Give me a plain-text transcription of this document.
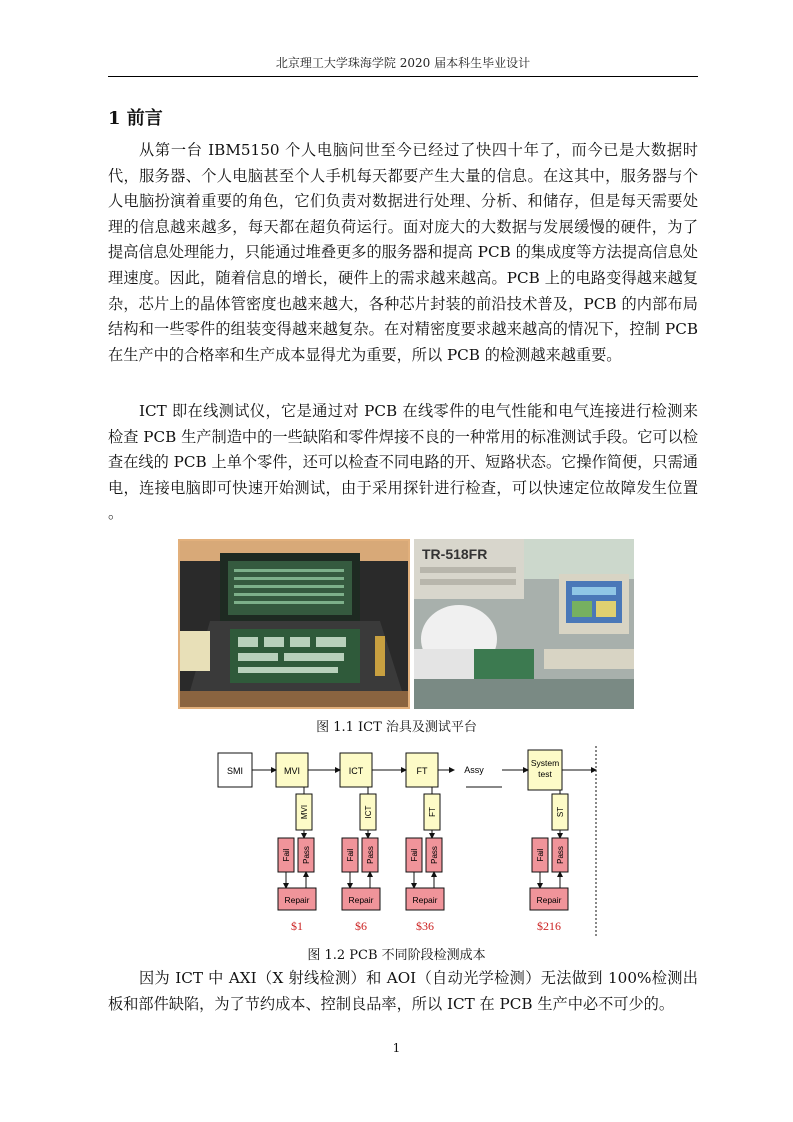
北京理工大学珠海学院 2020 届本科生毕业设计
1 前言

从第一台 IBM5150 个人电脑问世至今已经过了快四十年了，而今已是大数据时代，服务器、个人电脑甚至个人手机每天都要产生大量的信息。在这其中，服务器与个人电脑扮演着重要的角色，它们负责对数据进行处理、分析、和储存，但是每天需要处理的信息越来越多，每天都在超负荷运行。面对庞大的大数据与发展缓慢的硬件，为了提高信息处理能力，只能通过堆叠更多的服务器和提高 PCB 的集成度等方法提高信息处理速度。因此，随着信息的增长，硬件上的需求越来越高。PCB 上的电路变得越来越复杂，芯片上的晶体管密度也越来越大，各种芯片封装的前沿技术普及，PCB 的内部布局结构和一些零件的组装变得越来越复杂。在对精密度要求越来越高的情况下，控制 PCB 在生产中的合格率和生产成本显得尤为重要，所以 PCB 的检测越来越重要。

ICT 即在线测试仪，它是通过对 PCB 在线零件的电气性能和电气连接进行检测来检查 PCB 生产制造中的一些缺陷和零件焊接不良的一种常用的标准测试手段。它可以检查在线的 PCB 上单个零件，还可以检查不同电路的开、短路状态。它操作简便，只需通电，连接电脑即可快速开始测试，由于采用探针进行检查，可以快速定位故障发生位置 。

TR-518FR
图 1.1 ICT 治具及测试平台
SMI	MVI	ICT	FT	Assy
System
test
MVI	ICT	FT	ST
Fail Pass	Fail Pass	Fail Pass	Fail Pass
Repair	Repair	Repair	Repair
$1	$6	$36	$216
图 1.2 PCB 不同阶段检测成本

因为 ICT 中 AXI（X 射线检测）和 AOI（自动光学检测）无法做到 100%检测出板和部件缺陷，为了节约成本、控制良品率，所以 ICT 在 PCB 生产中必不可少的。

1
